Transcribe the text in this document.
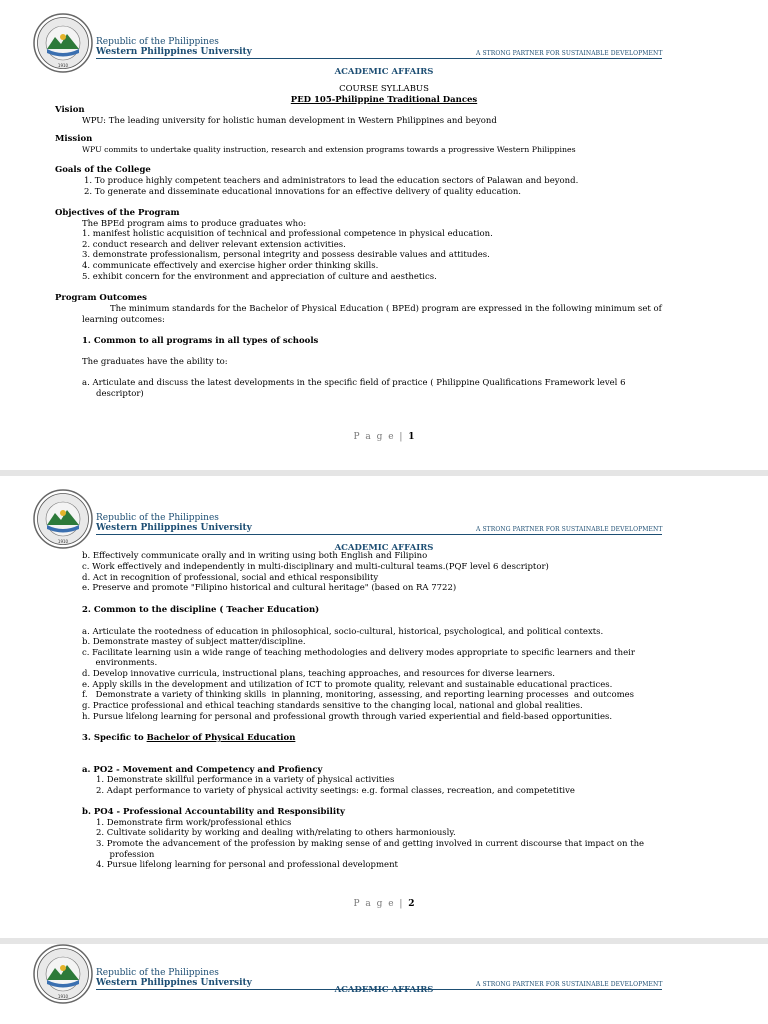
1910
Republic of the Philippines
Western Philippines University	A STRONG PARTNER FOR SUSTAINABLE DEVELOPMENT
ACADEMIC AFFAIRS
COURSE SYLLABUS
PED 105-Philippine Traditional Dances
Vision
WPU: The leading university for holistic human development in Western Philippines and beyond
Mission
WPU commits to undertake quality instruction, research and extension programs towards a progressive Western Philippines
Goals of the College
1. To produce highly competent teachers and administrators to lead the education sectors of Palawan and beyond.
2. To generate and disseminate educational innovations for an effective delivery of quality education.
Objectives of the Program
The BPEd program aims to produce graduates who:
1. manifest holistic acquisition of technical and professional competence in physical education.
2. conduct research and deliver relevant extension activities.
3. demonstrate professionalism, personal integrity and possess desirable values and attitudes.
4. communicate effectively and exercise higher order thinking skills.
5. exhibit concern for the environment and appreciation of culture and aesthetics.
Program Outcomes
The minimum standards for the Bachelor of Physical Education ( BPEd) program are expressed in the following minimum set of
learning outcomes:
1. Common to all programs in all types of schools
The graduates have the ability to:
a. Articulate and discuss the latest developments in the specific field of practice ( Philippine Qualifications Framework level 6
descriptor)
P a g e | 1
1910
Republic of the Philippines
Western Philippines University	A STRONG PARTNER FOR SUSTAINABLE DEVELOPMENT
ACADEMIC AFFAIRS
b. Effectively communicate orally and in writing using both English and Filipino
c. Work effectively and independently in multi-disciplinary and multi-cultural teams.(PQF level 6 descriptor)
d. Act in recognition of professional, social and ethical responsibility
e. Preserve and promote "Filipino historical and cultural heritage" (based on RA 7722)
2. Common to the discipline ( Teacher Education)
a. Articulate the rootedness of education in philosophical, socio-cultural, historical, psychological, and political contexts.
b. Demonstrate mastey of subject matter/discipline.
c. Facilitate learning usin a wide range of teaching methodologies and delivery modes appropriate to specific learners and their
environments.
d. Develop innovative curricula, instructional plans, teaching approaches, and resources for diverse learners.
e. Apply skills in the development and utilization of ICT to promote quality, relevant and sustainable educational practices.
f.   Demonstrate a variety of thinking skills  in planning, monitoring, assessing, and reporting learning processes  and outcomes
g. Practice professional and ethical teaching standards sensitive to the changing local, national and global realities.
h. Pursue lifelong learning for personal and professional growth through varied experiential and field-based opportunities.
3. Specific to Bachelor of Physical Education
a. PO2 - Movement and Competency and Profiency
1. Demonstrate skillful performance in a variety of physical activities
2. Adapt performance to variety of physical activity seetings: e.g. formal classes, recreation, and competetitive
b. PO4 - Professional Accountability and Responsibility
1. Demonstrate firm work/professional ethics
2. Cultivate solidarity by working and dealing with/relating to others harmoniously.
3. Promote the advancement of the profession by making sense of and getting involved in current discourse that impact on the
profession
4. Pursue lifelong learning for personal and professional development
P a g e | 2
1910
Republic of the Philippines
Western Philippines University	A STRONG PARTNER FOR SUSTAINABLE DEVELOPMENT
ACADEMIC AFFAIRS
